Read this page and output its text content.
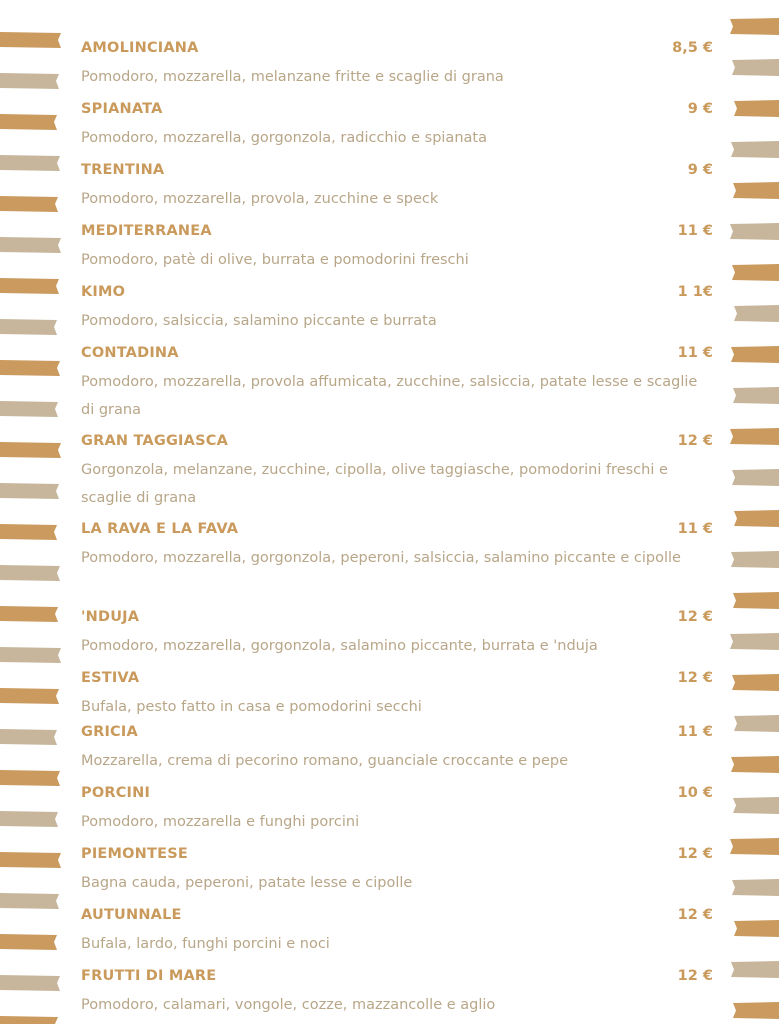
AMOLINCIANA	8,5 €
Pomodoro, mozzarella, melanzane fritte e scaglie di grana
SPIANATA	9 €
Pomodoro, mozzarella, gorgonzola, radicchio e spianata
TRENTINA	9 €
Pomodoro, mozzarella, provola, zucchine e speck
MEDITERRANEA	11 €
Pomodoro, patè di olive, burrata e pomodorini freschi
KIMO	1 1€
Pomodoro, salsiccia, salamino piccante e burrata
CONTADINA	11 €
Pomodoro, mozzarella, provola affumicata, zucchine, salsiccia, patate lesse e scaglie di grana
GRAN TAGGIASCA	12 €
Gorgonzola, melanzane, zucchine, cipolla, olive taggiasche, pomodorini freschi e scaglie di grana
LA RAVA E LA FAVA	11 €
Pomodoro, mozzarella, gorgonzola, peperoni, salsiccia, salamino piccante e cipolle
'NDUJA	12 €
Pomodoro, mozzarella, gorgonzola, salamino piccante, burrata e 'nduja
ESTIVA	12 €
Bufala, pesto fatto in casa e pomodorini secchi
GRICIA	11 €
Mozzarella, crema di pecorino romano, guanciale croccante e pepe
PORCINI	10 €
Pomodoro, mozzarella e funghi porcini
PIEMONTESE	12 €
Bagna cauda, peperoni, patate lesse e cipolle
AUTUNNALE	12 €
Bufala, lardo, funghi porcini e noci
FRUTTI DI MARE	12 €
Pomodoro, calamari, vongole, cozze, mazzancolle e aglio
